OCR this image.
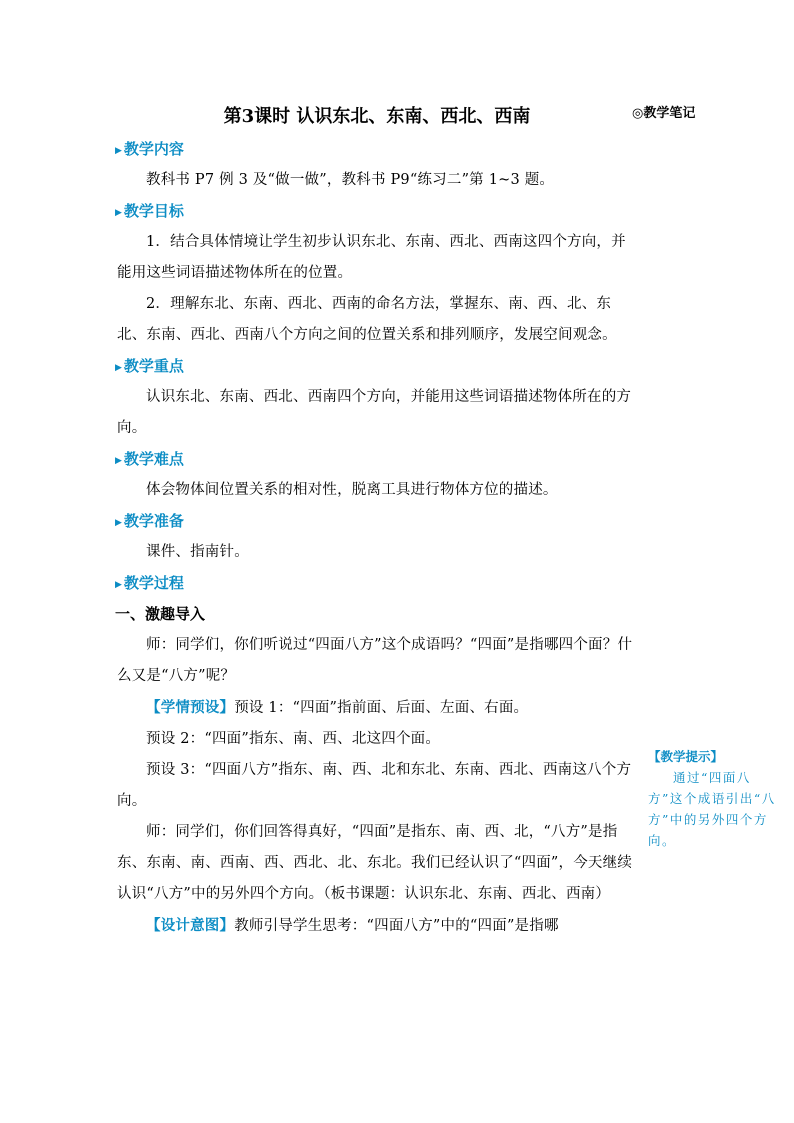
◎教学笔记
第3课时 认识东北、东南、西北、西南
▶ 教学内容

教科书 P7 例 3 及“做一做”，教科书 P9“练习二”第 1~3 题。

▶ 教学目标

1．结合具体情境让学生初步认识东北、东南、西北、西南这四个方向，并能用这些词语描述物体所在的位置。

2．理解东北、东南、西北、西南的命名方法，掌握东、南、西、北、东北、东南、西北、西南八个方向之间的位置关系和排列顺序，发展空间观念。

▶ 教学重点

认识东北、东南、西北、西南四个方向，并能用这些词语描述物体所在的方向。

▶ 教学难点

体会物体间位置关系的相对性，脱离工具进行物体方位的描述。

▶ 教学准备

课件、指南针。

▶ 教学过程
一、激趣导入

师：同学们，你们听说过“四面八方”这个成语吗？“四面”是指哪四个面？什么又是“八方”呢？

【学情预设】预设 1：“四面”指前面、后面、左面、右面。

预设 2：“四面”指东、南、西、北这四个面。

预设 3：“四面八方”指东、南、西、北和东北、东南、西北、西南这八个方向。

师：同学们，你们回答得真好，“四面”是指东、南、西、北，“八方”是指东、东南、南、西南、西、西北、北、东北。我们已经认识了“四面”，今天继续认识“八方”中的另外四个方向。（板书课题：认识东北、东南、西北、西南）

【设计意图】教师引导学生思考：“四面八方”中的“四面”是指哪

【教学提示】

通过“四面八方”这个成语引出“八方”中的另外四个方向。
